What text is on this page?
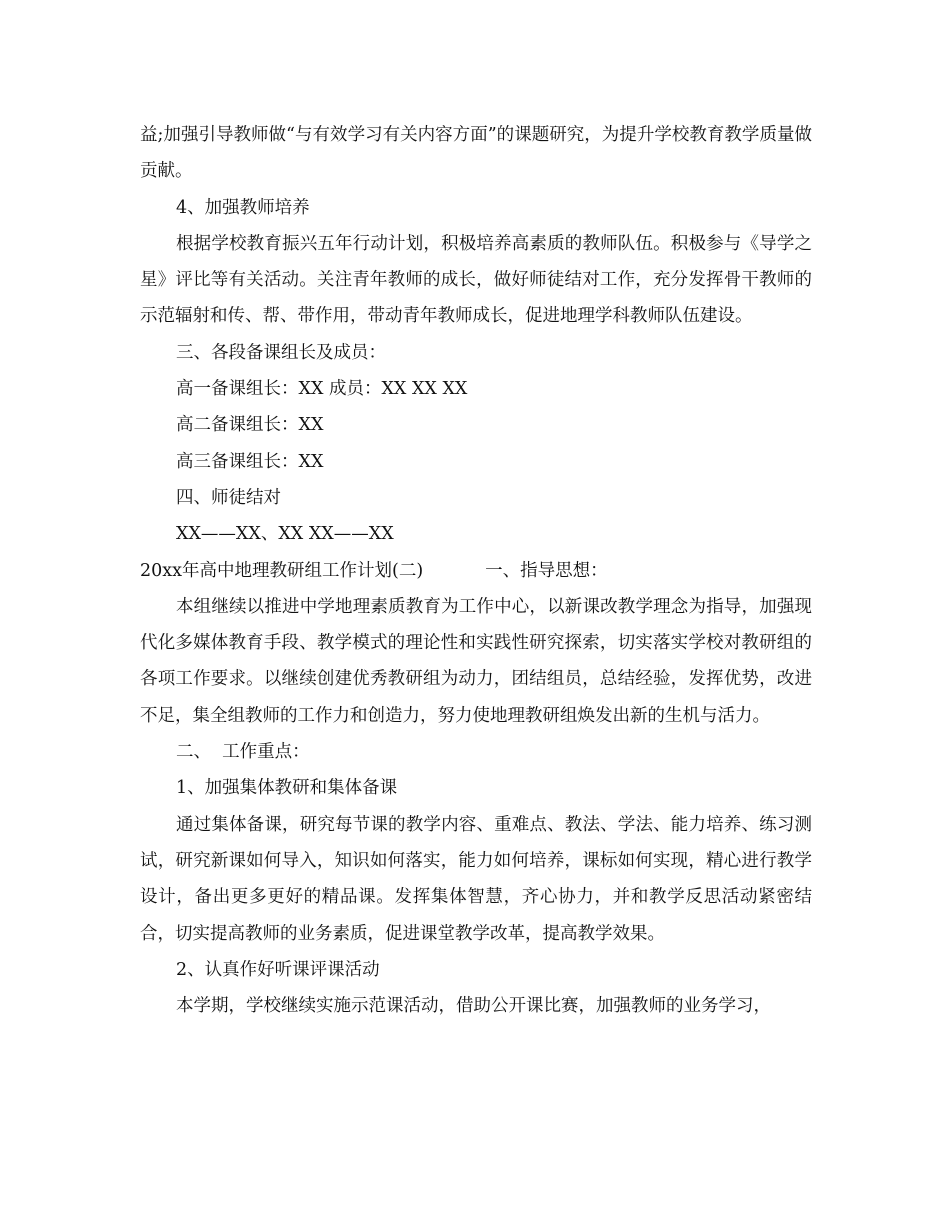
益;加强引导教师做“与有效学习有关内容方面”的课题研究，为提升学校教育教学质量做贡献。

4、加强教师培养

根据学校教育振兴五年行动计划，积极培养高素质的教师队伍。积极参与《导学之星》评比等有关活动。关注青年教师的成长，做好师徒结对工作，充分发挥骨干教师的示范辐射和传、帮、带作用，带动青年教师成长，促进地理学科教师队伍建设。

三、各段备课组长及成员：

高一备课组长：XX 成员：XX XX XX

高二备课组长：XX

高三备课组长：XX

四、师徒结对

XX——XX、XX XX——XX

20xx年高中地理教研组工作计划(二)	一、指导思想：

本组继续以推进中学地理素质教育为工作中心，以新课改教学理念为指导，加强现代化多媒体教育手段、教学模式的理论性和实践性研究探索，切实落实学校对教研组的各项工作要求。以继续创建优秀教研组为动力，团结组员，总结经验，发挥优势，改进不足，集全组教师的工作力和创造力，努力使地理教研组焕发出新的生机与活力。

二、  工作重点：

1、加强集体教研和集体备课

通过集体备课，研究每节课的教学内容、重难点、教法、学法、能力培养、练习测试，研究新课如何导入，知识如何落实，能力如何培养，课标如何实现，精心进行教学设计，备出更多更好的精品课。发挥集体智慧，齐心协力，并和教学反思活动紧密结合，切实提高教师的业务素质，促进课堂教学改革，提高教学效果。

2、认真作好听课评课活动

本学期，学校继续实施示范课活动，借助公开课比赛，加强教师的业务学习，
